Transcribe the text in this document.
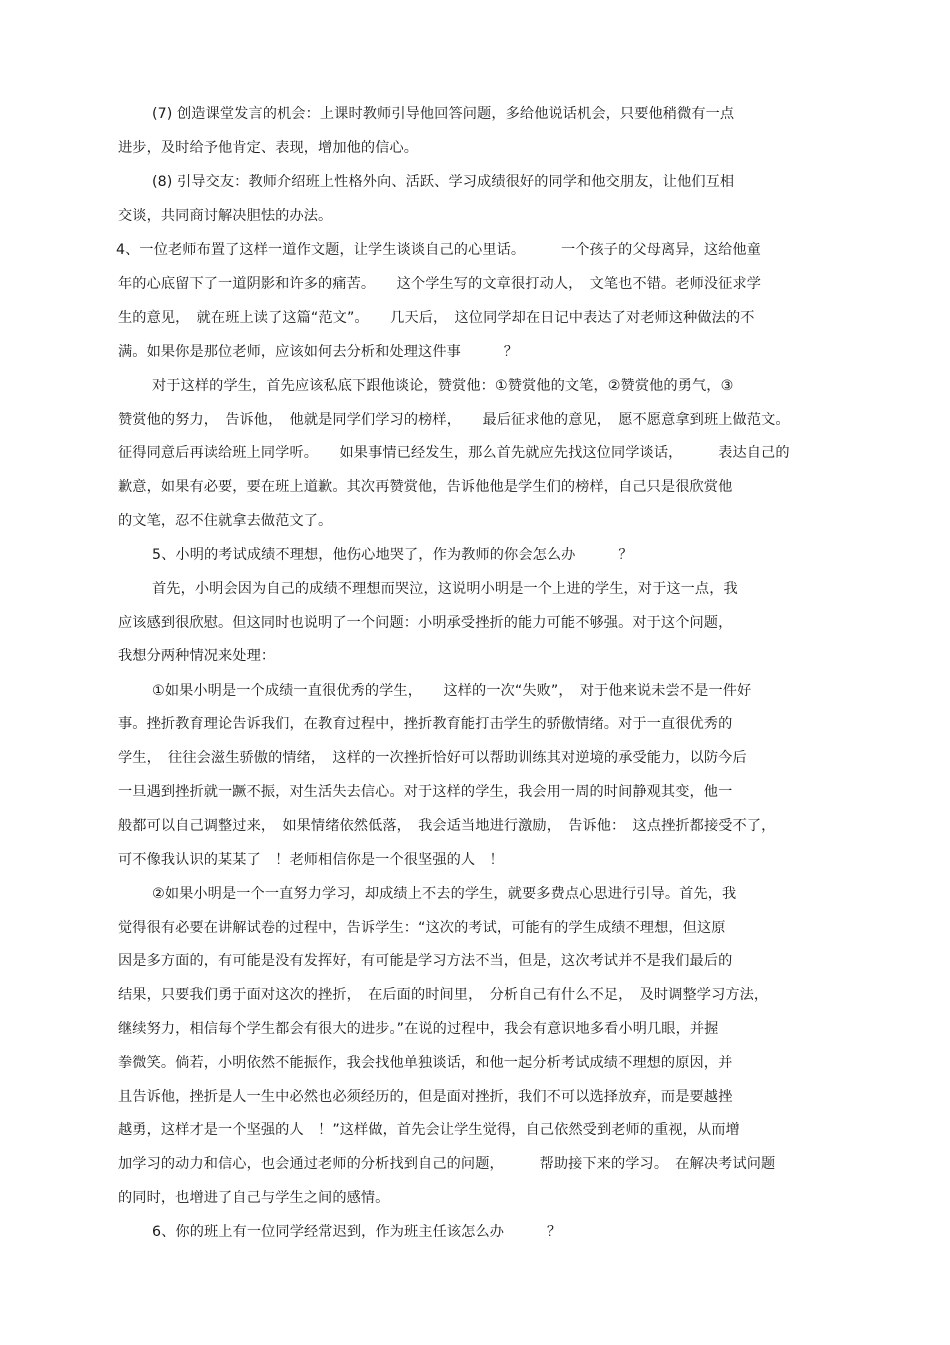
(7) 创造课堂发言的机会：上课时教师引导他回答问题，多给他说话机会，只要他稍微有一点
进步，及时给予他肯定、表现，增加他的信心。
(8) 引导交友：教师介绍班上性格外向、活跃、学习成绩很好的同学和他交朋友，让他们互相
交谈，共同商讨解决胆怯的办法。
4、一位老师布置了这样一道作文题，让学生谈谈自己的心里话。　　　一个孩子的父母离异，这给他童
年的心底留下了一道阴影和许多的痛苦。　　这个学生写的文章很打动人，　文笔也不错。老师没征求学
生的意见，　就在班上读了这篇“范文”。　　几天后，　这位同学却在日记中表达了对老师这种做法的不
满。如果你是那位老师，应该如何去分析和处理这件事　　　？
对于这样的学生，首先应该私底下跟他谈论，赞赏他：①赞赏他的文笔，②赞赏他的勇气，③
赞赏他的努力，　告诉他，　他就是同学们学习的榜样，　　最后征求他的意见，　愿不愿意拿到班上做范文。
征得同意后再读给班上同学听。　　如果事情已经发生，那么首先就应先找这位同学谈话，　　　表达自己的
歉意，如果有必要，要在班上道歉。其次再赞赏他，告诉他他是学生们的榜样，自己只是很欣赏他
的文笔，忍不住就拿去做范文了。
5、小明的考试成绩不理想，他伤心地哭了，作为教师的你会怎么办　　　？
首先，小明会因为自己的成绩不理想而哭泣，这说明小明是一个上进的学生，对于这一点，我
应该感到很欣慰。但这同时也说明了一个问题：小明承受挫折的能力可能不够强。对于这个问题，
我想分两种情况来处理：
①如果小明是一个成绩一直很优秀的学生，　　这样的一次“失败”，　对于他来说未尝不是一件好
事。挫折教育理论告诉我们，在教育过程中，挫折教育能打击学生的骄傲情绪。对于一直很优秀的
学生，　往往会滋生骄傲的情绪，　这样的一次挫折恰好可以帮助训练其对逆境的承受能力，以防今后
一旦遇到挫折就一蹶不振，对生活失去信心。对于这样的学生，我会用一周的时间静观其变，他一
般都可以自己调整过来，　如果情绪依然低落，　我会适当地进行激励，　告诉他：　这点挫折都接受不了，
可不像我认识的某某了　！老师相信你是一个很坚强的人　！
②如果小明是一个一直努力学习，却成绩上不去的学生，就要多费点心思进行引导。首先，我
觉得很有必要在讲解试卷的过程中，告诉学生：“这次的考试，可能有的学生成绩不理想，但这原
因是多方面的，有可能是没有发挥好，有可能是学习方法不当，但是，这次考试并不是我们最后的
结果，只要我们勇于面对这次的挫折，　在后面的时间里，　分析自己有什么不足，　及时调整学习方法，
继续努力，相信每个学生都会有很大的进步。”在说的过程中，我会有意识地多看小明几眼，并握
拳微笑。倘若，小明依然不能振作，我会找他单独谈话，和他一起分析考试成绩不理想的原因，并
且告诉他，挫折是人一生中必然也必须经历的，但是面对挫折，我们不可以选择放弃，而是要越挫
越勇，这样才是一个坚强的人　！”这样做，首先会让学生觉得，自己依然受到老师的重视，从而增
加学习的动力和信心，也会通过老师的分析找到自己的问题，　　　帮助接下来的学习。　在解决考试问题
的同时，也增进了自己与学生之间的感情。
6、你的班上有一位同学经常迟到，作为班主任该怎么办　　　？
